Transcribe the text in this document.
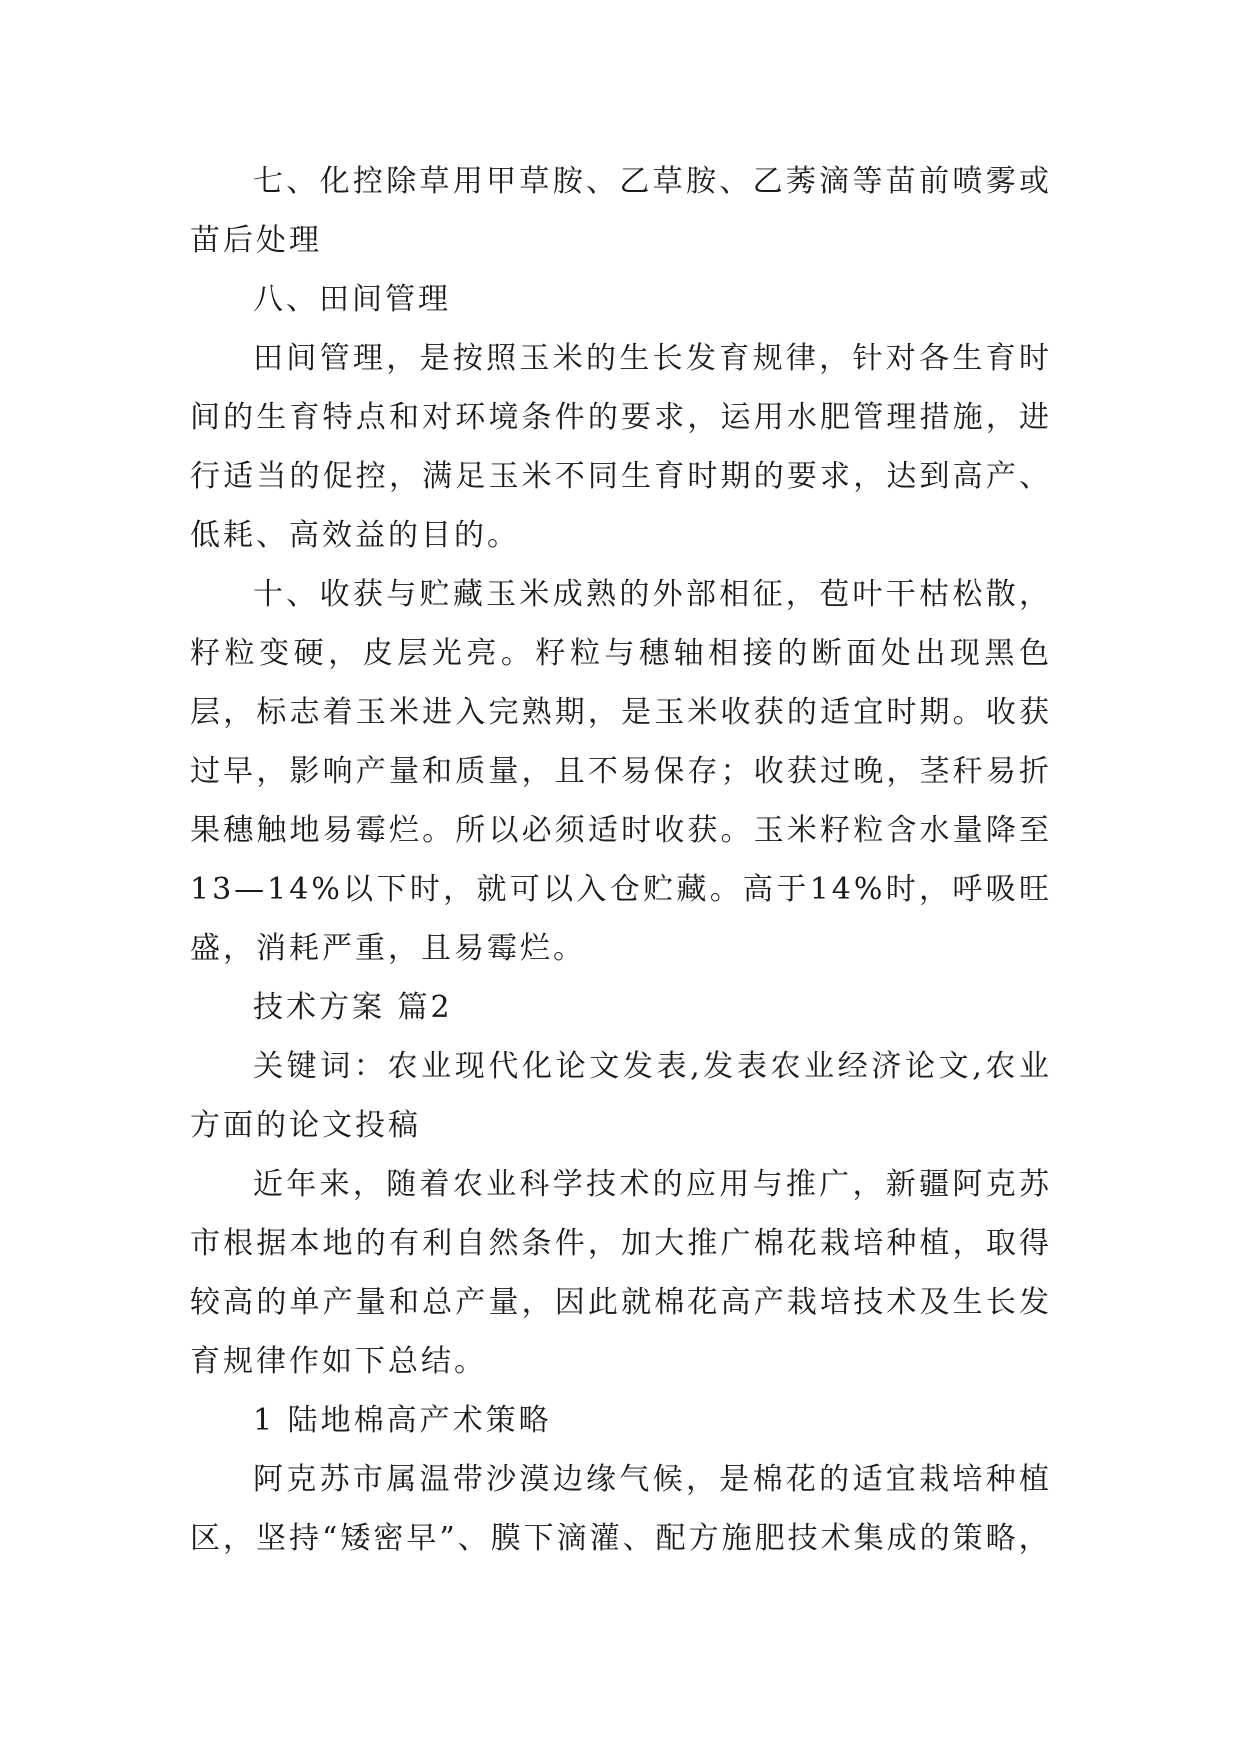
七、化控除草用甲草胺、乙草胺、乙莠滴等苗前喷雾或苗后处理

八、田间管理

田间管理，是按照玉米的生长发育规律，针对各生育时间的生育特点和对环境条件的要求，运用水肥管理措施，进行适当的促控，满足玉米不同生育时期的要求，达到高产、低耗、高效益的目的。

十、收获与贮藏玉米成熟的外部相征，苞叶干枯松散，籽粒变硬，皮层光亮。籽粒与穗轴相接的断面处出现黑色层，标志着玉米进入完熟期，是玉米收获的适宜时期。收获过早，影响产量和质量，且不易保存；收获过晚，茎秆易折果穗触地易霉烂。所以必须适时收获。玉米籽粒含水量降至13—14%以下时，就可以入仓贮藏。高于14%时，呼吸旺盛，消耗严重，且易霉烂。

技术方案 篇2

关键词：农业现代化论文发表,发表农业经济论文,农业方面的论文投稿

近年来，随着农业科学技术的应用与推广，新疆阿克苏市根据本地的有利自然条件，加大推广棉花栽培种植，取得较高的单产量和总产量，因此就棉花高产栽培技术及生长发育规律作如下总结。

1 陆地棉高产术策略

阿克苏市属温带沙漠边缘气候，是棉花的适宜栽培种植区，坚持“矮密早”、膜下滴灌、配方施肥技术集成的策略，
